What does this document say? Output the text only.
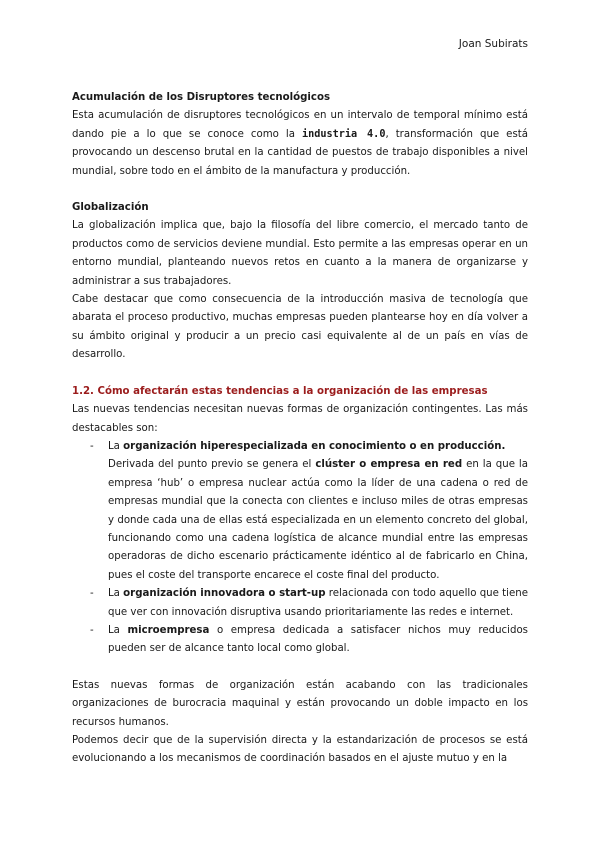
Joan Subirats
Acumulación de los Disruptores tecnológicos

Esta acumulación de disruptores tecnológicos en un intervalo de temporal mínimo está dando pie a lo que se conoce como la industria 4.0, transformación que está provocando un descenso brutal en la cantidad de puestos de trabajo disponibles a nivel mundial, sobre todo en el ámbito de la manufactura y producción.

Globalización

La globalización implica que, bajo la filosofía del libre comercio, el mercado tanto de productos como de servicios deviene mundial. Esto permite a las empresas operar en un entorno mundial, planteando nuevos retos en cuanto a la manera de organizarse y administrar a sus trabajadores.

Cabe destacar que como consecuencia de la introducción masiva de tecnología que abarata el proceso productivo, muchas empresas pueden plantearse hoy en día volver a su ámbito original y producir a un precio casi equivalente al de un país en vías de desarrollo.

1.2. Cómo afectarán estas tendencias a la organización de las empresas

Las nuevas tendencias necesitan nuevas formas de organización contingentes. Las más destacables son:

- La organización hiperespecializada en conocimiento o en producción.
Derivada del punto previo se genera el clúster o empresa en red en la que la empresa ‘hub’ o empresa nuclear actúa como la líder de una cadena o red de empresas mundial que la conecta con clientes e incluso miles de otras empresas y donde cada una de ellas está especializada en un elemento concreto del global, funcionando como una cadena logística de alcance mundial entre las empresas operadoras de dicho escenario prácticamente idéntico al de fabricarlo en China, pues el coste del transporte encarece el coste final del producto.
- La organización innovadora o start-up relacionada con todo aquello que tiene que ver con innovación disruptiva usando prioritariamente las redes e internet.
- La microempresa o empresa dedicada a satisfacer nichos muy reducidos pueden ser de alcance tanto local como global.

Estas nuevas formas de organización están acabando con las tradicionales organizaciones de burocracia maquinal y están provocando un doble impacto en los recursos humanos.

Podemos decir que de la supervisión directa y la estandarización de procesos se está evolucionando a los mecanismos de coordinación basados en el ajuste mutuo y en la
